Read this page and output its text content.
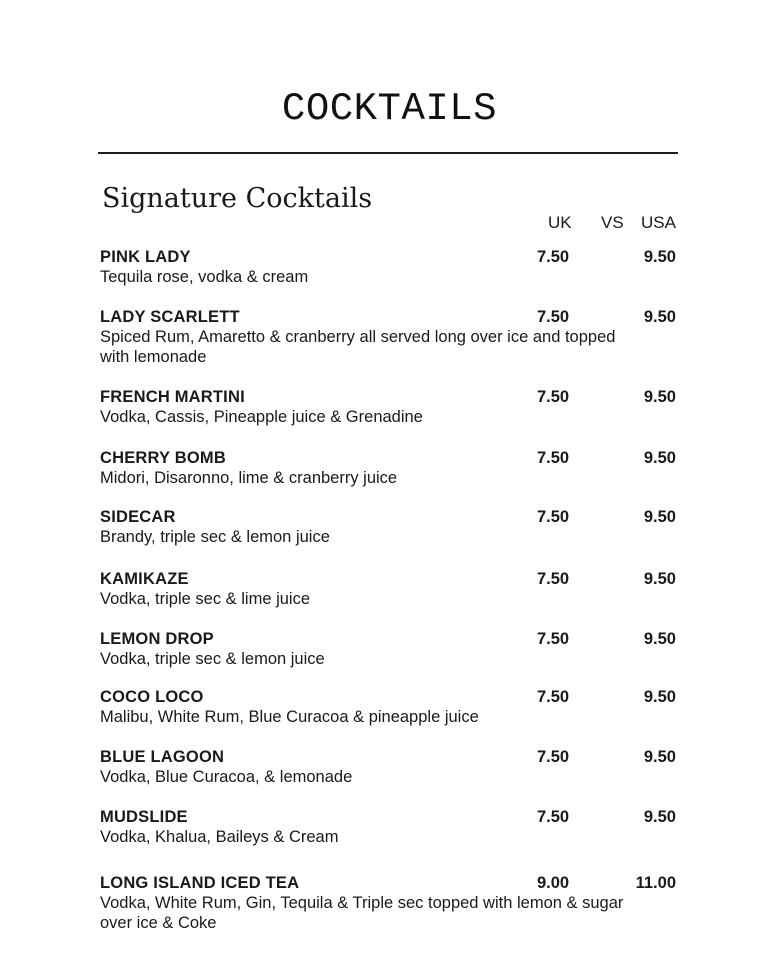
COCKTAILS
Signature Cocktails
UK VS USA
PINK LADY
Tequila rose, vodka & cream
7.50	9.50
LADY SCARLETT
Spiced Rum, Amaretto & cranberry all served long over ice and topped with lemonade
7.50	9.50
FRENCH MARTINI
Vodka, Cassis, Pineapple juice & Grenadine
7.50	9.50
CHERRY BOMB
Midori, Disaronno, lime & cranberry juice
7.50	9.50
SIDECAR
Brandy, triple sec & lemon juice
7.50	9.50
KAMIKAZE
Vodka, triple sec & lime juice
7.50	9.50
LEMON DROP
Vodka, triple sec & lemon juice
7.50	9.50
COCO LOCO
Malibu, White Rum, Blue Curacoa & pineapple juice
7.50	9.50
BLUE LAGOON
Vodka, Blue Curacoa, & lemonade
7.50	9.50
MUDSLIDE
Vodka, Khalua, Baileys & Cream
7.50	9.50
LONG ISLAND ICED TEA
Vodka, White Rum, Gin, Tequila & Triple sec topped with lemon & sugar over ice & Coke
9.00	11.00
